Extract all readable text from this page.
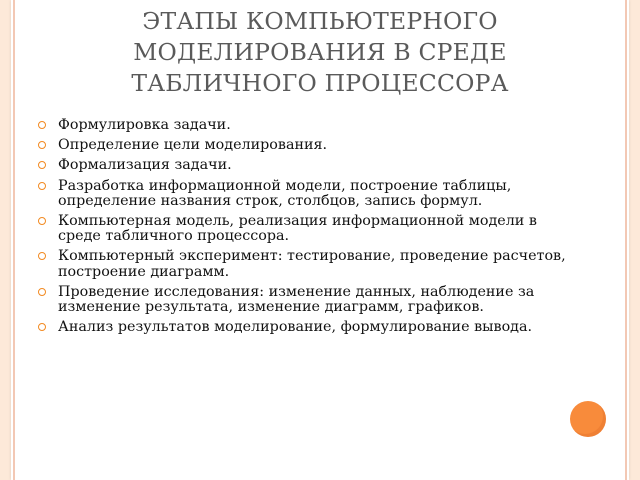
ЭТАПЫ КОМПЬЮТЕРНОГО
МОДЕЛИРОВАНИЯ В СРЕДЕ
ТАБЛИЧНОГО ПРОЦЕССОРА
Формулировка задачи.
Определение цели моделирования.
Формализация задачи.
Разработка информационной модели, построение таблицы, определение названия строк, столбцов, запись формул.
Компьютерная модель, реализация информационной модели в среде табличного процессора.
Компьютерный эксперимент: тестирование, проведение расчетов, построение диаграмм.
Проведение исследования: изменение данных, наблюдение за изменение результата, изменение диаграмм, графиков.
Анализ результатов моделирование, формулирование вывода.
